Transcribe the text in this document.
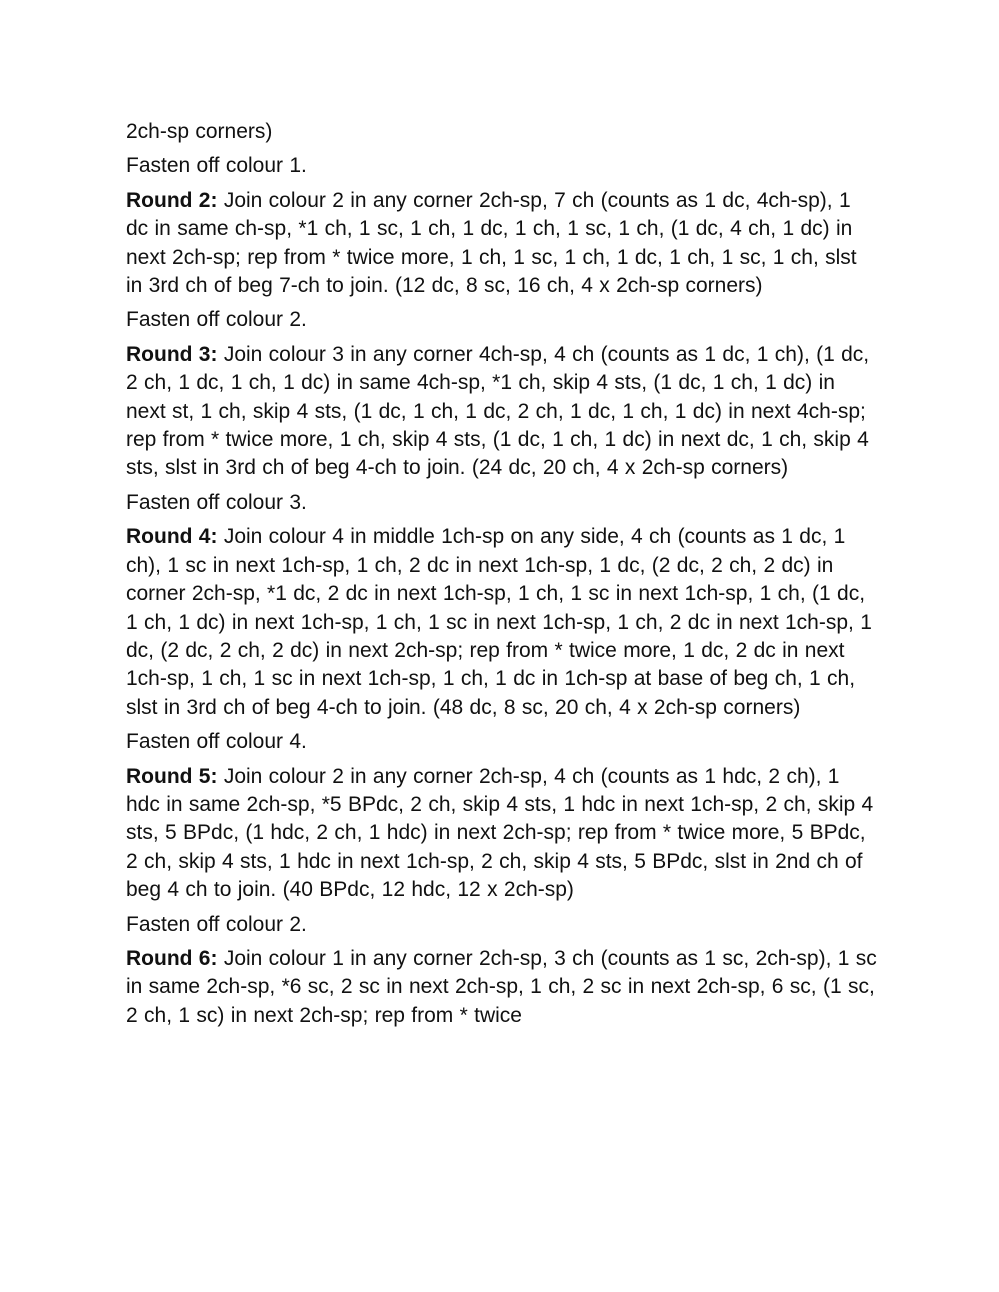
2ch-sp corners)

Fasten off colour 1.

Round 2: Join colour 2 in any corner 2ch-sp, 7 ch (counts as 1 dc, 4ch-sp), 1 dc in same ch-sp, *1 ch, 1 sc, 1 ch, 1 dc, 1 ch, 1 sc, 1 ch, (1 dc, 4 ch, 1 dc) in next 2ch-sp; rep from * twice more, 1 ch, 1 sc, 1 ch, 1 dc, 1 ch, 1 sc, 1 ch, slst in 3rd ch of beg 7-ch to join. (12 dc, 8 sc, 16 ch, 4 x 2ch-sp corners)

Fasten off colour 2.

Round 3: Join colour 3 in any corner 4ch-sp, 4 ch (counts as 1 dc, 1 ch), (1 dc, 2 ch, 1 dc, 1 ch, 1 dc) in same 4ch-sp, *1 ch, skip 4 sts, (1 dc, 1 ch, 1 dc) in next st, 1 ch, skip 4 sts, (1 dc, 1 ch, 1 dc, 2 ch, 1 dc, 1 ch, 1 dc) in next 4ch-sp; rep from * twice more, 1 ch, skip 4 sts, (1 dc, 1 ch, 1 dc) in next dc, 1 ch, skip 4 sts, slst in 3rd ch of beg 4-ch to join. (24 dc, 20 ch, 4 x 2ch-sp corners)

Fasten off colour 3.

Round 4: Join colour 4 in middle 1ch-sp on any side, 4 ch (counts as 1 dc, 1 ch), 1 sc in next 1ch-sp, 1 ch, 2 dc in next 1ch-sp, 1 dc, (2 dc, 2 ch, 2 dc) in corner 2ch-sp, *1 dc, 2 dc in next 1ch-sp, 1 ch, 1 sc in next 1ch-sp, 1 ch, (1 dc, 1 ch, 1 dc) in next 1ch-sp, 1 ch, 1 sc in next 1ch-sp, 1 ch, 2 dc in next 1ch-sp, 1 dc, (2 dc, 2 ch, 2 dc) in next 2ch-sp; rep from * twice more, 1 dc, 2 dc in next 1ch-sp, 1 ch, 1 sc in next 1ch-sp, 1 ch, 1 dc in 1ch-sp at base of beg ch, 1 ch, slst in 3rd ch of beg 4-ch to join. (48 dc, 8 sc, 20 ch, 4 x 2ch-sp corners)

Fasten off colour 4.

Round 5: Join colour 2 in any corner 2ch-sp, 4 ch (counts as 1 hdc, 2 ch), 1 hdc in same 2ch-sp, *5 BPdc, 2 ch, skip 4 sts, 1 hdc in next 1ch-sp, 2 ch, skip 4 sts, 5 BPdc, (1 hdc, 2 ch, 1 hdc) in next 2ch-sp; rep from * twice more, 5 BPdc, 2 ch, skip 4 sts, 1 hdc in next 1ch-sp, 2 ch, skip 4 sts, 5 BPdc, slst in 2nd ch of beg 4 ch to join. (40 BPdc, 12 hdc, 12 x 2ch-sp)

Fasten off colour 2.

Round 6: Join colour 1 in any corner 2ch-sp, 3 ch (counts as 1 sc, 2ch-sp), 1 sc in same 2ch-sp, *6 sc, 2 sc in next 2ch-sp, 1 ch, 2 sc in next 2ch-sp, 6 sc, (1 sc, 2 ch, 1 sc) in next 2ch-sp; rep from * twice
